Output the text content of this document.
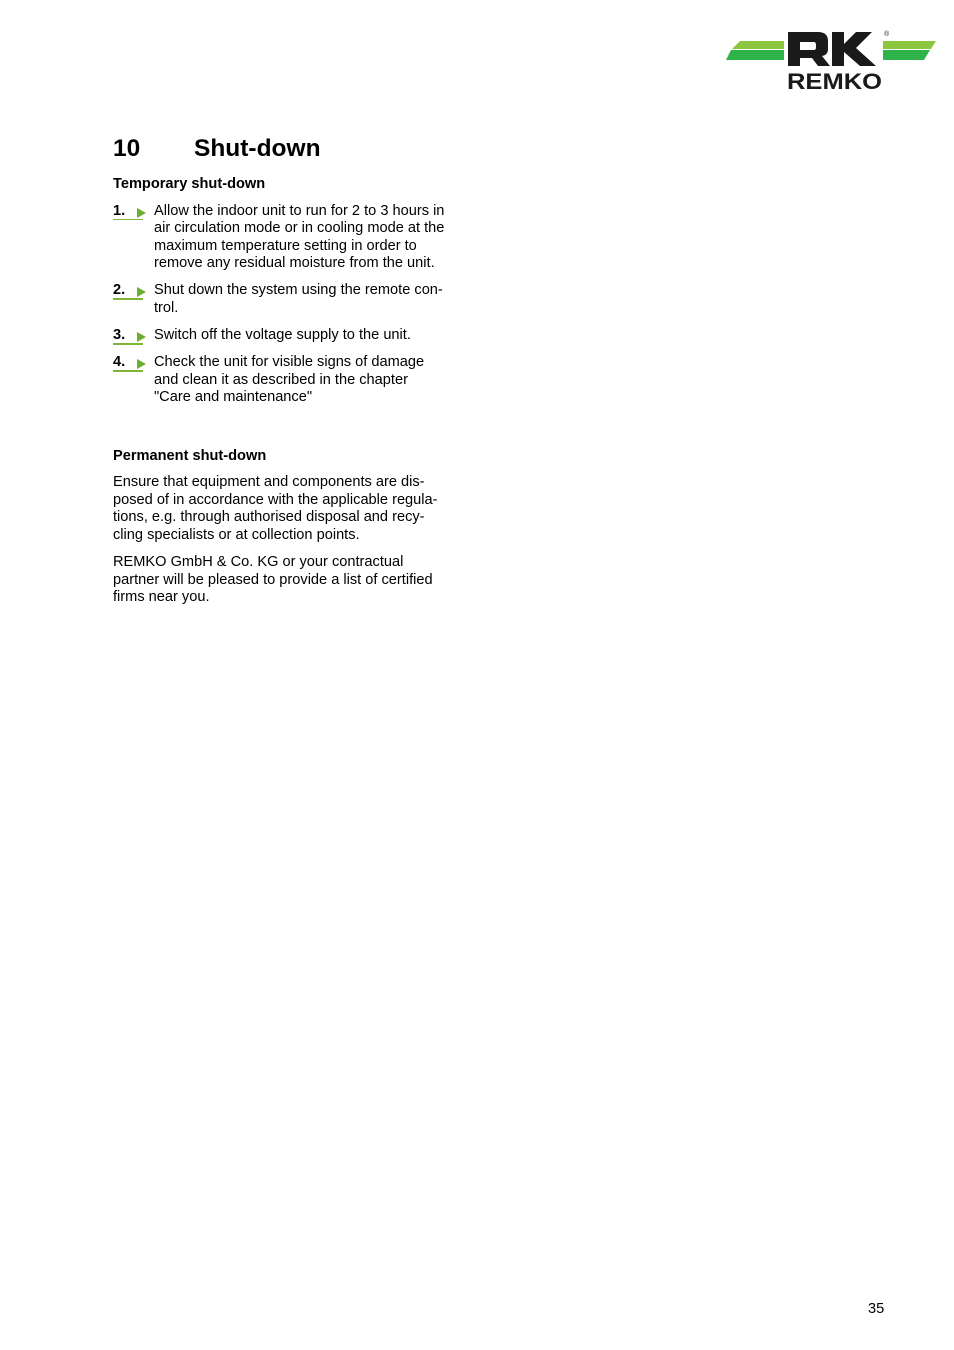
®
REMKO
10 Shut-down
Temporary shut-down
1. Allow the indoor unit to run for 2 to 3 hours in
air circulation mode or in cooling mode at the
maximum temperature setting in order to
remove any residual moisture from the unit.
2. Shut down the system using the remote con-
trol.
3. Switch off the voltage supply to the unit.
4. Check the unit for visible signs of damage
and clean it as described in the chapter
"Care and maintenance"
Permanent shut-down

Ensure that equipment and components are dis-
posed of in accordance with the applicable regula-
tions, e.g. through authorised disposal and recy-
cling specialists or at collection points.

REMKO GmbH & Co. KG or your contractual
partner will be pleased to provide a list of certified
firms near you.

35
